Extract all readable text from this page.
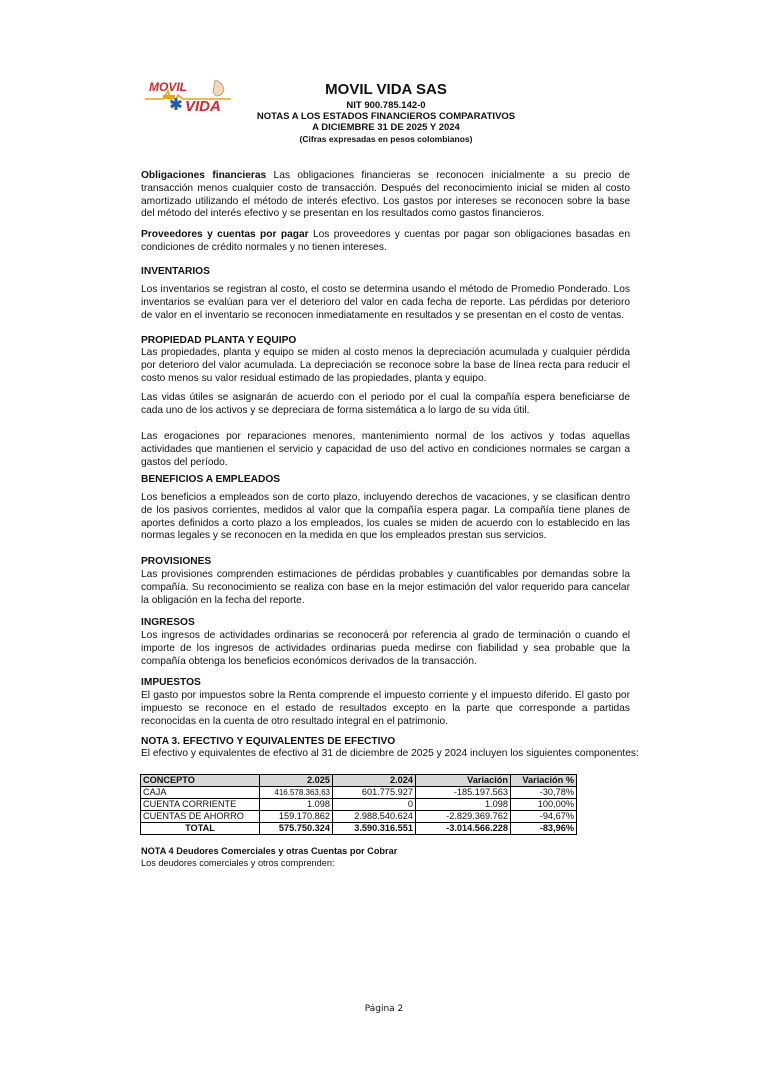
MOVIL
VIDA
MOVIL VIDA SAS
NIT 900.785.142-0
NOTAS A LOS ESTADOS FINANCIEROS COMPARATIVOS
A DICIEMBRE 31 DE 2025 Y 2024
(Cifras expresadas en pesos colombianos)
Obligaciones financieras Las obligaciones financieras se reconocen inicialmente a su precio de transacción menos cualquier costo de transacción. Después del reconocimiento inicial se miden al costo amortizado utilizando el método de interés efectivo. Los gastos por intereses se reconocen sobre la base del método del interés efectivo y se presentan en los resultados como gastos financieros.
Proveedores y cuentas por pagar Los proveedores y cuentas por pagar son obligaciones basadas en condiciones de crédito normales y no tienen intereses.
INVENTARIOS
Los inventarios se registran al costo, el costo se determina usando el método de Promedio Ponderado. Los inventarios se evalúan para ver el deterioro del valor en cada fecha de reporte. Las pérdidas por deterioro de valor en el inventario se reconocen inmediatamente en resultados y se presentan en el costo de ventas.
PROPIEDAD PLANTA Y EQUIPO
Las propiedades, planta y equipo se miden al costo menos la depreciación acumulada y cualquier pérdida por deterioro del valor acumulada. La depreciación se reconoce sobre la base de línea recta para reducir el costo menos su valor residual estimado de las propiedades, planta y equipo.
Las vidas útiles se asignarán de acuerdo con el periodo por el cual la compañía espera beneficiarse de cada uno de los activos y se depreciara de forma sistemática a lo largo de su vida útil.
Las erogaciones por reparaciones menores, mantenimiento normal de los activos y todas aquellas actividades que mantienen el servicio y capacidad de uso del activo en condiciones normales se cargan a gastos del período.
BENEFICIOS A EMPLEADOS
Los beneficios a empleados son de corto plazo, incluyendo derechos de vacaciones, y se clasifican dentro de los pasivos corrientes, medidos al valor que la compañía espera pagar. La compañía tiene planes de aportes definidos a corto plazo a los empleados, los cuales se miden de acuerdo con lo establecido en las normas legales y se reconocen en la medida en que los empleados prestan sus servicios.
PROVISIONES
Las provisiones comprenden estimaciones de pérdidas probables y cuantificables por demandas sobre la compañía. Su reconocimiento se realiza con base en la mejor estimación del valor requerido para cancelar la obligación en la fecha del reporte.
INGRESOS
Los ingresos de actividades ordinarias se reconocerá por referencia al grado de terminación o cuando el importe de los ingresos de actividades ordinarias pueda medirse con fiabilidad y sea probable que la compañía obtenga los beneficios económicos derivados de la transacción.
IMPUESTOS
El gasto por impuestos sobre la Renta comprende el impuesto corriente y el impuesto diferido. El gasto por impuesto se reconoce en el estado de resultados excepto en la parte que corresponde a partidas reconocidas en la cuenta de otro resultado integral en el patrimonio.
NOTA 3. EFECTIVO Y EQUIVALENTES DE EFECTIVO
El efectivo y equivalentes de efectivo al 31 de diciembre de 2025 y 2024 incluyen los siguientes componentes:
CONCEPTO	2.025	2.024	Variación	Variación %
CAJA	416.578.363,63	601.775.927	-185.197.563	-30,78%
CUENTA CORRIENTE	1.098	0	1.098	100,00%
CUENTAS DE AHORRO	159.170.862	2.988.540.624	-2.829.369.762	-94,67%
TOTAL	575.750.324	3.590.316.551	-3.014.566.228	-83,96%
NOTA 4 Deudores Comerciales y otras Cuentas por Cobrar
Los deudores comerciales y otros comprenden:
Página 2
